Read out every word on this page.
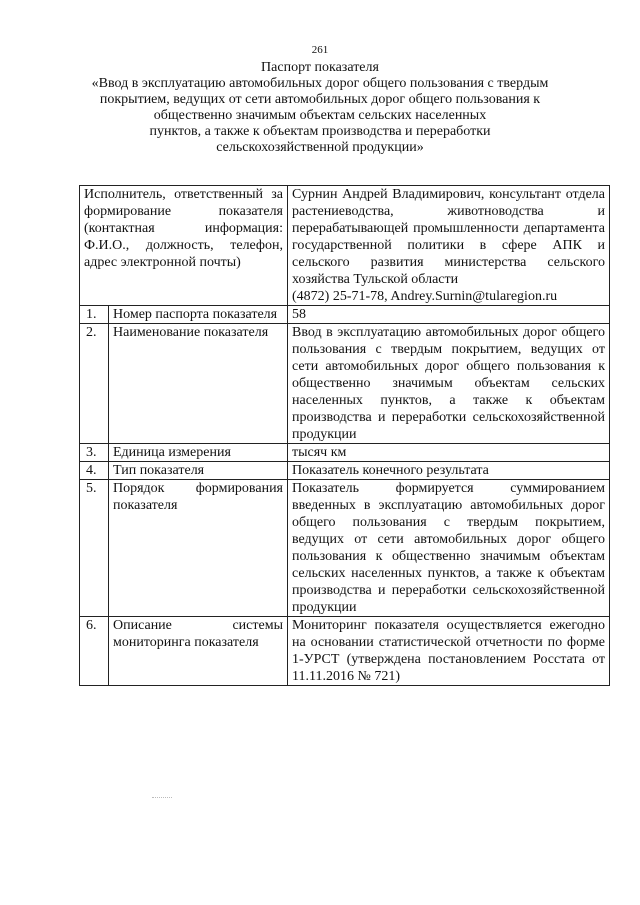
261
Паспорт показателя
«Ввод в эксплуатацию автомобильных дорог общего пользования с твердым
покрытием, ведущих от сети автомобильных дорог общего пользования к
общественно значимым объектам сельских населенных
пунктов, а также к объектам производства и переработки
сельскохозяйственной продукции»
Исполнитель, ответственный за формирование показателя (контактная информация: Ф.И.О., должность, телефон, адрес электронной почты)		Сурнин Андрей Владимирович, консультант отдела растениеводства, животноводства и перерабатывающей промышленности департамента государственной политики в сфере АПК и сельского развития министерства сельского хозяйства Тульской области
(4872) 25-71-78, Andrey.Surnin@tularegion.ru

1.	Номер паспорта показателя	58
2.	Наименование показателя	Ввод в эксплуатацию автомобильных дорог общего пользования с твердым покрытием, ведущих от сети автомобильных дорог общего пользования к общественно значимым объектам сельских населенных пунктов, а также к объектам производства и переработки сельскохозяйственной продукции
3.	Единица измерения	тысяч км
4.	Тип показателя	Показатель конечного результата
5.	Порядок формирования показателя	Показатель формируется суммированием введенных в эксплуатацию автомобильных дорог общего пользования с твердым покрытием, ведущих от сети автомобильных дорог общего пользования к общественно значимым объектам сельских населенных пунктов, а также к объектам производства и переработки сельскохозяйственной продукции
6.	Описание системы мониторинга показателя	Мониторинг показателя осуществляется ежегодно на основании статистической отчетности по форме 1-УРСТ (утверждена постановлением Росстата от 11.11.2016 № 721)
